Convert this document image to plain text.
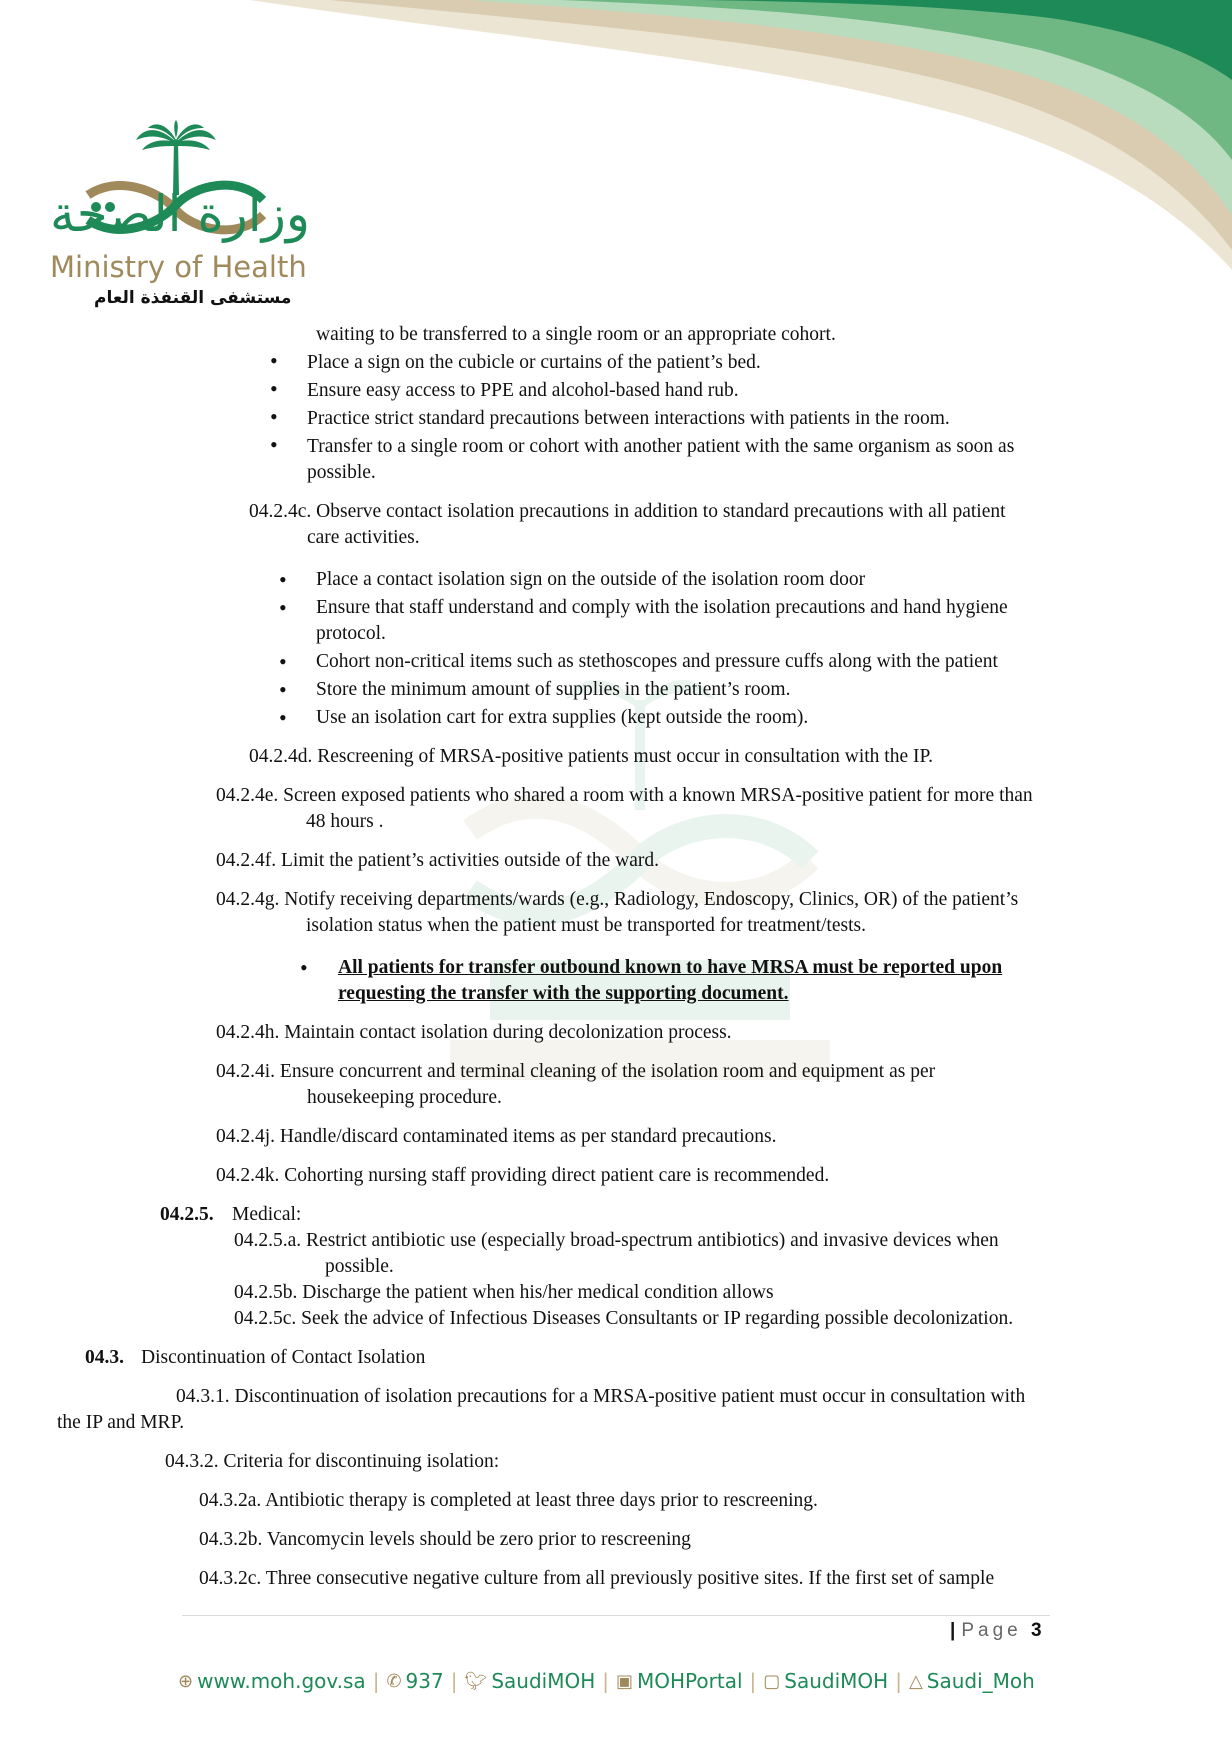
وزارة الصحة
Ministry of Health
مستشفى القنفذة العام
waiting to be transferred to a single room or an appropriate cohort.
• Place a sign on the cubicle or curtains of the patient’s bed.
• Ensure easy access to PPE and alcohol-based hand rub.
• Practice strict standard precautions between interactions with patients in the room.
• Transfer to a single room or cohort with another patient with the same organism as soon as
possible.
04.2.4c. Observe contact isolation precautions in addition to standard precautions with all patient
care activities.
• Place a contact isolation sign on the outside of the isolation room door
• Ensure that staff understand and comply with the isolation precautions and hand hygiene
protocol.
• Cohort non-critical items such as stethoscopes and pressure cuffs along with the patient
• Store the minimum amount of supplies in the patient’s room.
• Use an isolation cart for extra supplies (kept outside the room).
04.2.4d. Rescreening of MRSA-positive patients must occur in consultation with the IP.
04.2.4e. Screen exposed patients who shared a room with a known MRSA-positive patient for more than
48 hours .
04.2.4f. Limit the patient’s activities outside of the ward.
04.2.4g. Notify receiving departments/wards (e.g., Radiology, Endoscopy, Clinics, OR) of the patient’s
isolation status when the patient must be transported for treatment/tests.
• All patients for transfer outbound known to have MRSA must be reported upon
requesting the transfer with the supporting document.
04.2.4h. Maintain contact isolation during decolonization process.
04.2.4i. Ensure concurrent and terminal cleaning of the isolation room and equipment as per
housekeeping procedure.
04.2.4j. Handle/discard contaminated items as per standard precautions.
04.2.4k. Cohorting nursing staff providing direct patient care is recommended.
04.2.5. Medical:
04.2.5.a. Restrict antibiotic use (especially broad-spectrum antibiotics) and invasive devices when
possible.
04.2.5b. Discharge the patient when his/her medical condition allows
04.2.5c. Seek the advice of Infectious Diseases Consultants or IP regarding possible decolonization.
04.3. Discontinuation of Contact Isolation
04.3.1. Discontinuation of isolation precautions for a MRSA-positive patient must occur in consultation with
the IP and MRP.
04.3.2. Criteria for discontinuing isolation:
04.3.2a. Antibiotic therapy is completed at least three days prior to rescreening.
04.3.2b. Vancomycin levels should be zero prior to rescreening
04.3.2c. Three consecutive negative culture from all previously positive sites. If the first set of sample
| Page 3
⊕ www.moh.gov.sa | ✆ 937 | 🐦︎ SaudiMOH | ▣ MOHPortal | ▢ SaudiMOH | △ Saudi_Moh
